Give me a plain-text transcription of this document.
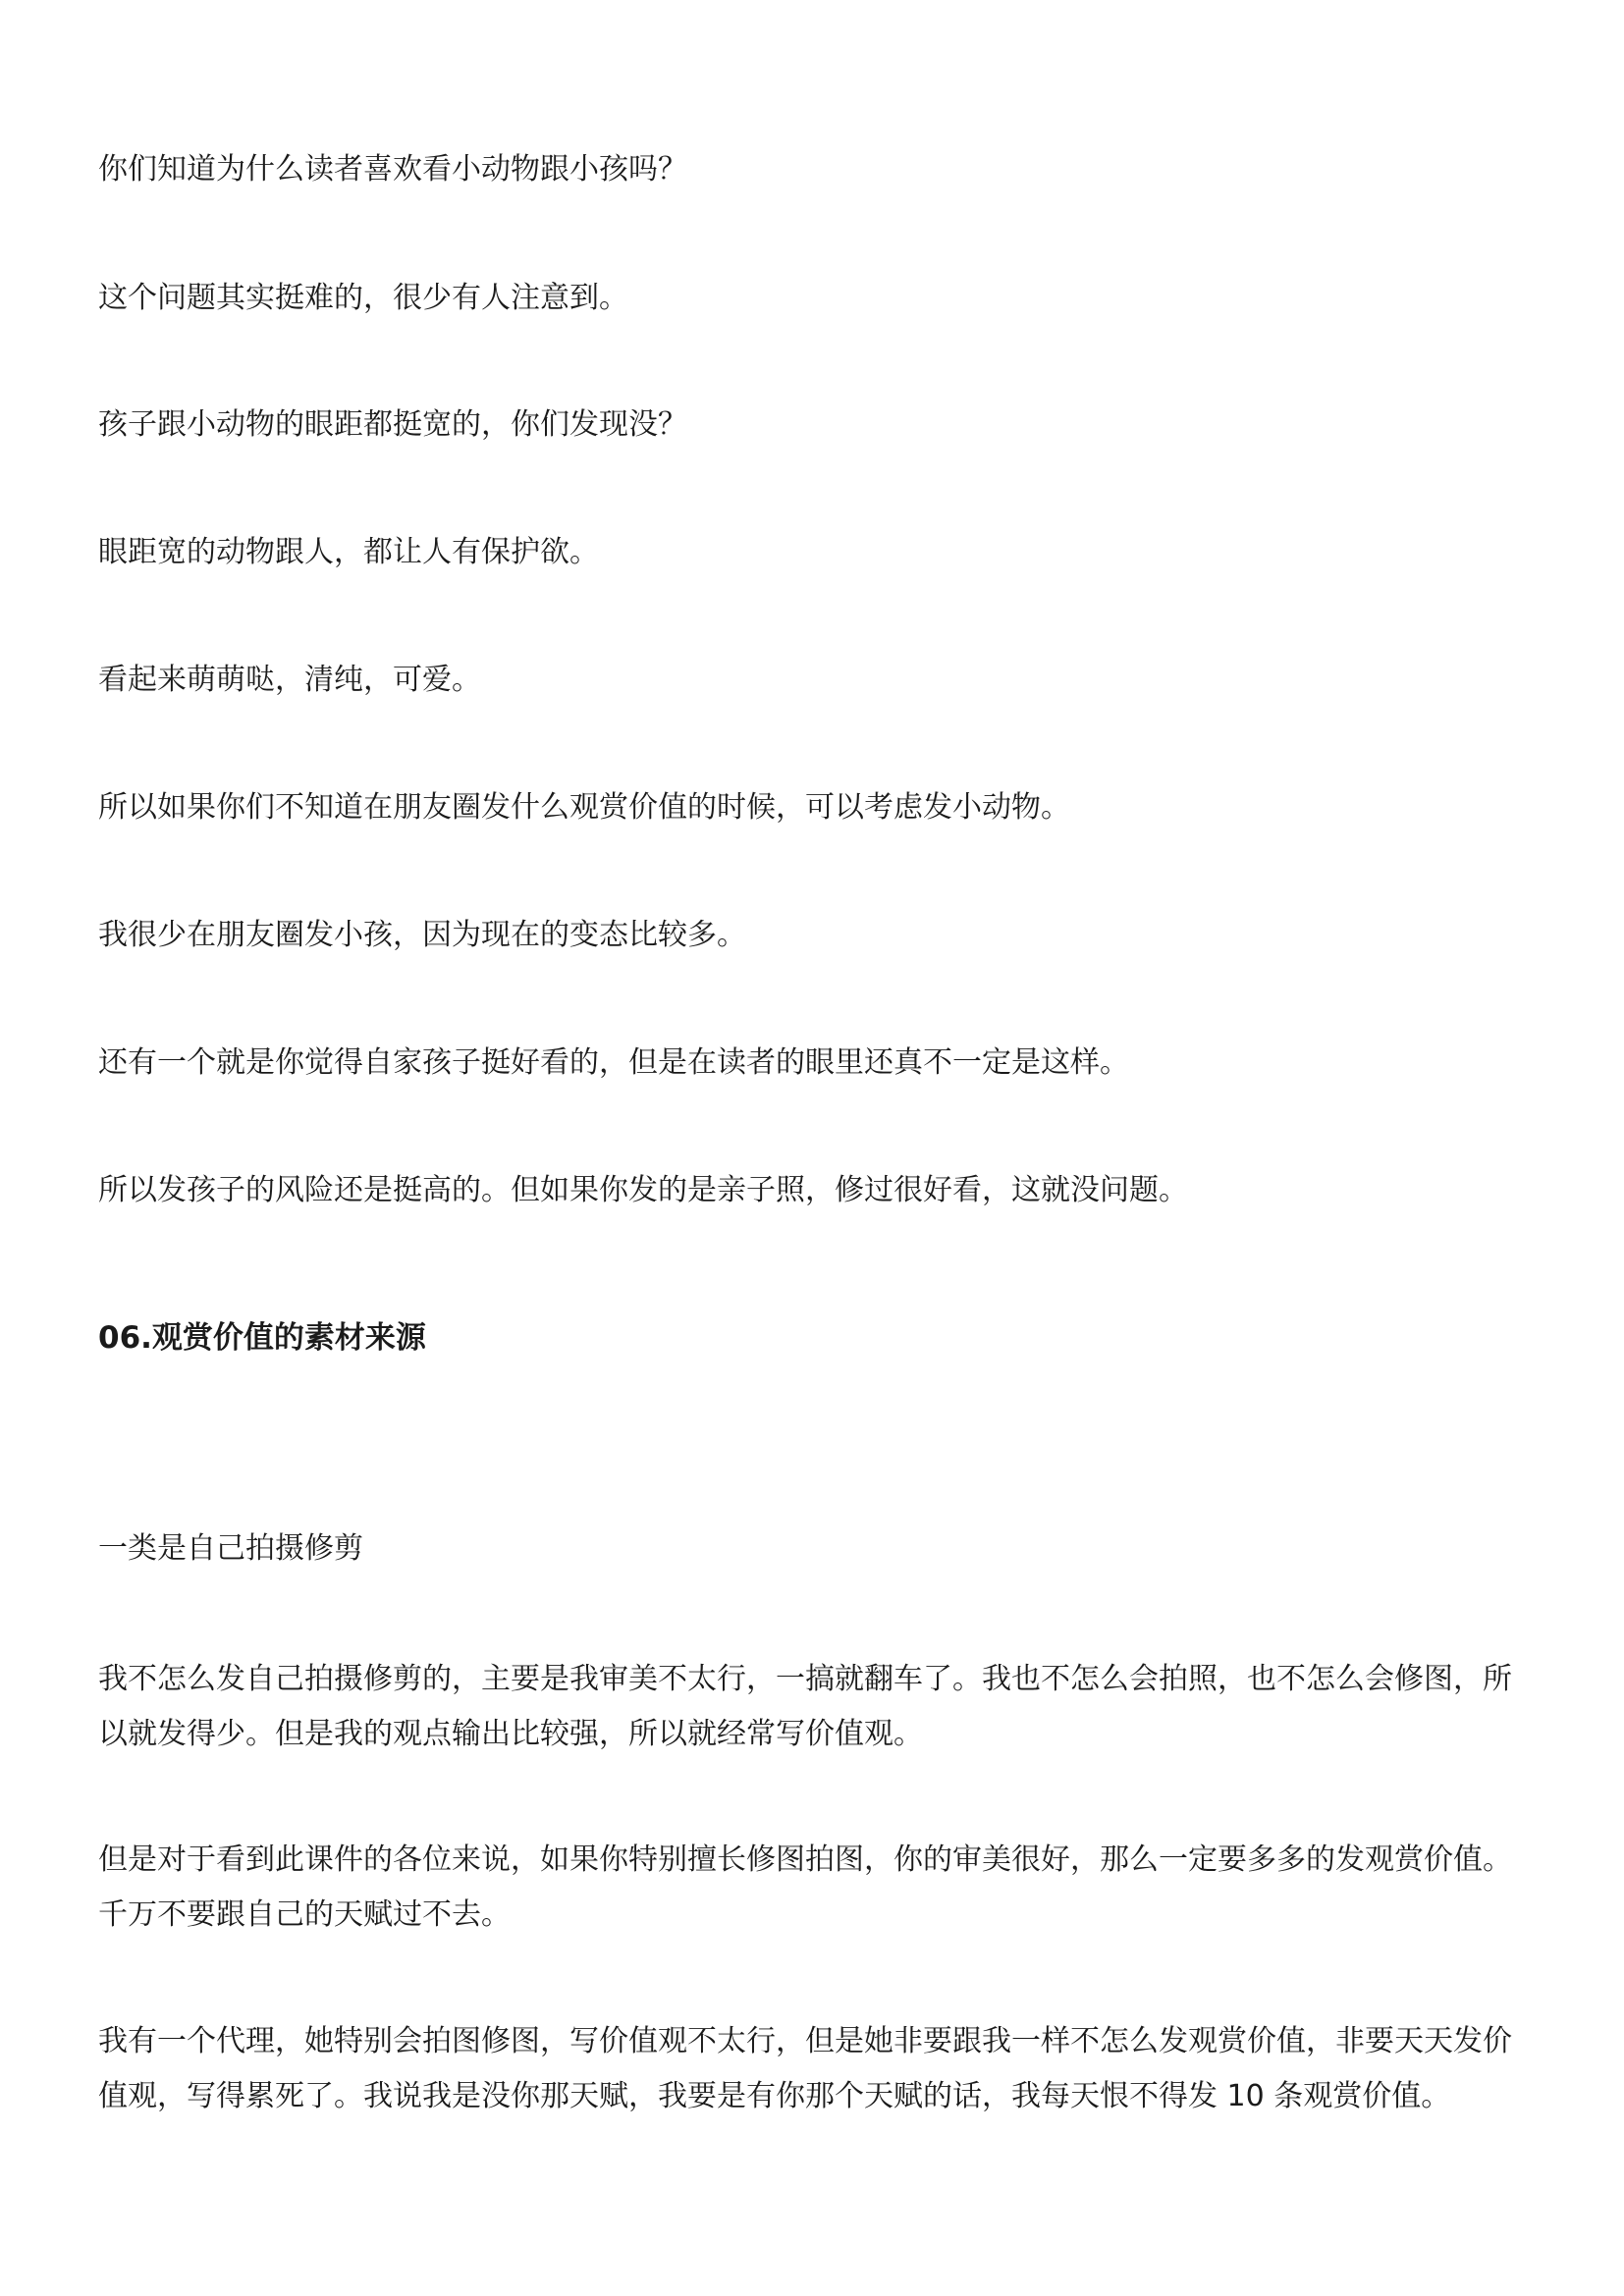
你们知道为什么读者喜欢看小动物跟小孩吗？

这个问题其实挺难的，很少有人注意到。

孩子跟小动物的眼距都挺宽的，你们发现没？

眼距宽的动物跟人，都让人有保护欲。

看起来萌萌哒，清纯，可爱。

所以如果你们不知道在朋友圈发什么观赏价值的时候，可以考虑发小动物。

我很少在朋友圈发小孩，因为现在的变态比较多。

还有一个就是你觉得自家孩子挺好看的，但是在读者的眼里还真不一定是这样。

所以发孩子的风险还是挺高的。但如果你发的是亲子照，修过很好看，这就没问题。

06.观赏价值的素材来源

一类是自己拍摄修剪

我不怎么发自己拍摄修剪的，主要是我审美不太行，一搞就翻车了。我也不怎么会拍照，也不怎么会修图，所以就发得少。但是我的观点输出比较强，所以就经常写价值观。

但是对于看到此课件的各位来说，如果你特别擅长修图拍图，你的审美很好，那么一定要多多的发观赏价值。千万不要跟自己的天赋过不去。

我有一个代理，她特别会拍图修图，写价值观不太行，但是她非要跟我一样不怎么发观赏价值，非要天天发价值观，写得累死了。我说我是没你那天赋，我要是有你那个天赋的话，我每天恨不得发 10 条观赏价值。
